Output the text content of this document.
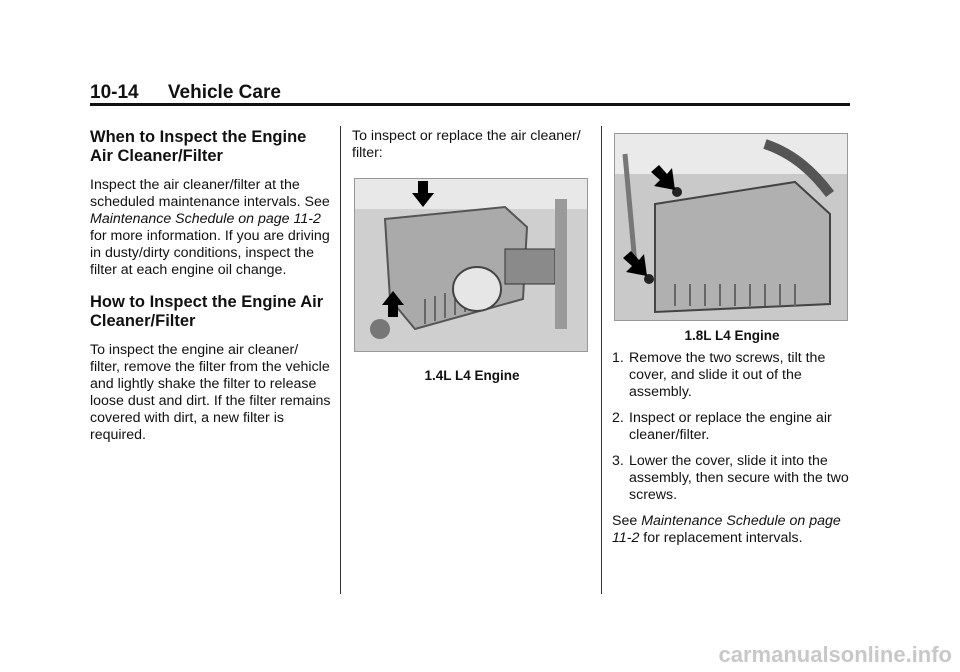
10-14 Vehicle Care
When to Inspect the Engine Air Cleaner/Filter

Inspect the air cleaner/filter at the scheduled maintenance intervals. See Maintenance Schedule on page 11-2 for more information. If you are driving in dusty/dirty conditions, inspect the filter at each engine oil change.

How to Inspect the Engine Air Cleaner/Filter

To inspect the engine air cleaner/ filter, remove the filter from the vehicle and lightly shake the filter to release loose dust and dirt. If the filter remains covered with dirt, a new filter is required.

To inspect or replace the air cleaner/ filter:

1.4L L4 Engine
1.8L L4 Engine
1. Remove the two screws, tilt the cover, and slide it out of the assembly.
2. Inspect or replace the engine air cleaner/filter.
3. Lower the cover, slide it into the assembly, then secure with the two screws.

See Maintenance Schedule on page 11-2 for replacement intervals.

carmanualsonline.info
